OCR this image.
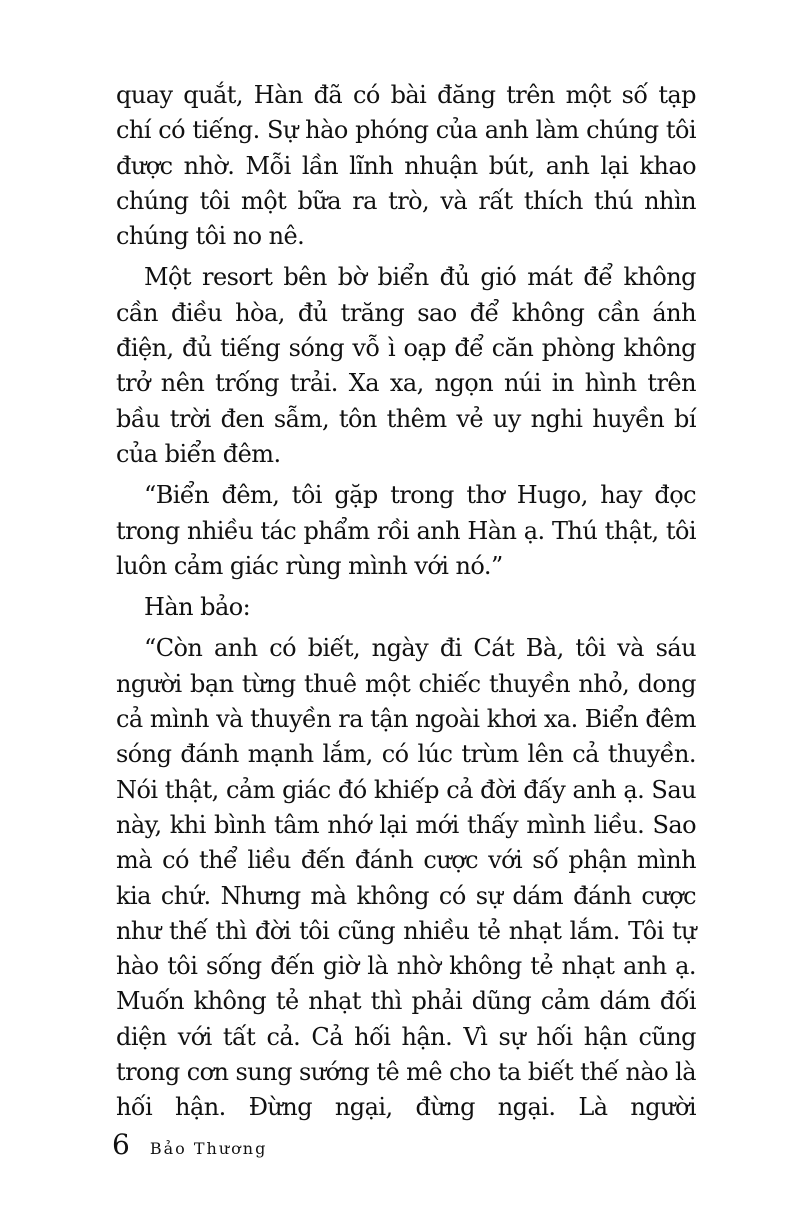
quay quắt, Hàn đã có bài đăng trên một số tạp chí có tiếng. Sự hào phóng của anh làm chúng tôi được nhờ. Mỗi lần lĩnh nhuận bút, anh lại khao chúng tôi một bữa ra trò, và rất thích thú nhìn chúng tôi no nê.

Một resort bên bờ biển đủ gió mát để không cần điều hòa, đủ trăng sao để không cần ánh điện, đủ tiếng sóng vỗ ì oạp để căn phòng không trở nên trống trải. Xa xa, ngọn núi in hình trên bầu trời đen sẫm, tôn thêm vẻ uy nghi huyền bí của biển đêm.

“Biển đêm, tôi gặp trong thơ Hugo, hay đọc trong nhiều tác phẩm rồi anh Hàn ạ. Thú thật, tôi luôn cảm giác rùng mình với nó.”

Hàn bảo:

“Còn anh có biết, ngày đi Cát Bà, tôi và sáu người bạn từng thuê một chiếc thuyền nhỏ, dong cả mình và thuyền ra tận ngoài khơi xa. Biển đêm sóng đánh mạnh lắm, có lúc trùm lên cả thuyền. Nói thật, cảm giác đó khiếp cả đời đấy anh ạ. Sau này, khi bình tâm nhớ lại mới thấy mình liều. Sao mà có thể liều đến đánh cược với số phận mình kia chứ. Nhưng mà không có sự dám đánh cược như thế thì đời tôi cũng nhiều tẻ nhạt lắm. Tôi tự hào tôi sống đến giờ là nhờ không tẻ nhạt anh ạ. Muốn không tẻ nhạt thì phải dũng cảm dám đối diện với tất cả. Cả hối hận. Vì sự hối hận cũng trong cơn sung sướng tê mê cho ta biết thế nào là hối hận. Đừng ngại, đừng ngại. Là người

6 Bảo Thương
